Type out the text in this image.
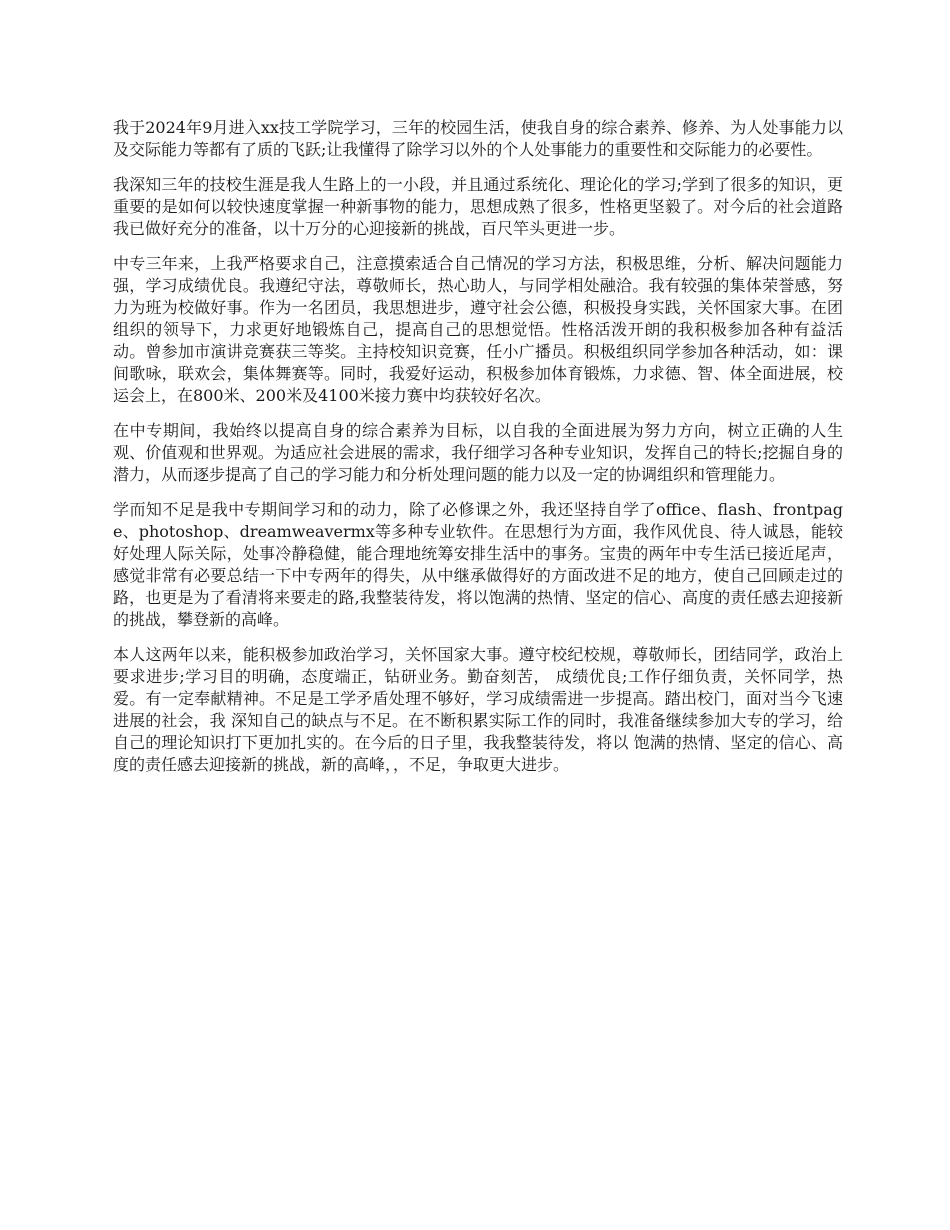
我于2024年9月进入xx技工学院学习，三年的校园生活，使我自身的综合素养、修养、为人处事能力以及交际能力等都有了质的飞跃;让我懂得了除学习以外的个人处事能力的重要性和交际能力的必要性。

我深知三年的技校生涯是我人生路上的一小段，并且通过系统化、理论化的学习;学到了很多的知识，更重要的是如何以较快速度掌握一种新事物的能力，思想成熟了很多，性格更坚毅了。对今后的社会道路我已做好充分的准备，以十万分的心迎接新的挑战，百尺竿头更进一步。

中专三年来，上我严格要求自己，注意摸索适合自己情况的学习方法，积极思维，分析、解决问题能力强，学习成绩优良。我遵纪守法，尊敬师长，热心助人，与同学相处融洽。我有较强的集体荣誉感，努力为班为校做好事。作为一名团员，我思想进步，遵守社会公德，积极投身实践，关怀国家大事。在团组织的领导下，力求更好地锻炼自己，提高自己的思想觉悟。性格活泼开朗的我积极参加各种有益活动。曾参加市演讲竞赛获三等奖。主持校知识竞赛，任小广播员。积极组织同学参加各种活动，如：课间歌咏，联欢会，集体舞赛等。同时，我爱好运动，积极参加体育锻炼，力求德、智、体全面进展，校运会上，在800米、200米及4100米接力赛中均获较好名次。

在中专期间，我始终以提高自身的综合素养为目标，以自我的全面进展为努力方向，树立正确的人生观、价值观和世界观。为适应社会进展的需求，我仔细学习各种专业知识，发挥自己的特长;挖掘自身的潜力，从而逐步提高了自己的学习能力和分析处理问题的能力以及一定的协调组织和管理能力。

学而知不足是我中专期间学习和的动力，除了必修课之外，我还坚持自学了office、flash、frontpage、photoshop、dreamweavermx等多种专业软件。在思想行为方面，我作风优良、待人诚恳，能较好处理人际关际，处事冷静稳健，能合理地统筹安排生活中的事务。宝贵的两年中专生活已接近尾声，感觉非常有必要总结一下中专两年的得失，从中继承做得好的方面改进不足的地方，使自己回顾走过的路，也更是为了看清将来要走的路,我整装待发，将以饱满的热情、坚定的信心、高度的责任感去迎接新的挑战，攀登新的高峰。

本人这两年以来，能积极参加政治学习，关怀国家大事。遵守校纪校规，尊敬师长，团结同学，政治上要求进步;学习目的明确，态度端正，钻研业务。勤奋刻苦， 成绩优良;工作仔细负责，关怀同学，热爱。有一定奉献精神。不足是工学矛盾处理不够好，学习成绩需进一步提高。踏出校门，面对当今飞速进展的社会，我 深知自己的缺点与不足。在不断积累实际工作的同时，我准备继续参加大专的学习，给自己的理论知识打下更加扎实的。在今后的日子里，我我整装待发，将以 饱满的热情、坚定的信心、高度的责任感去迎接新的挑战，新的高峰，，不足，争取更大进步。
